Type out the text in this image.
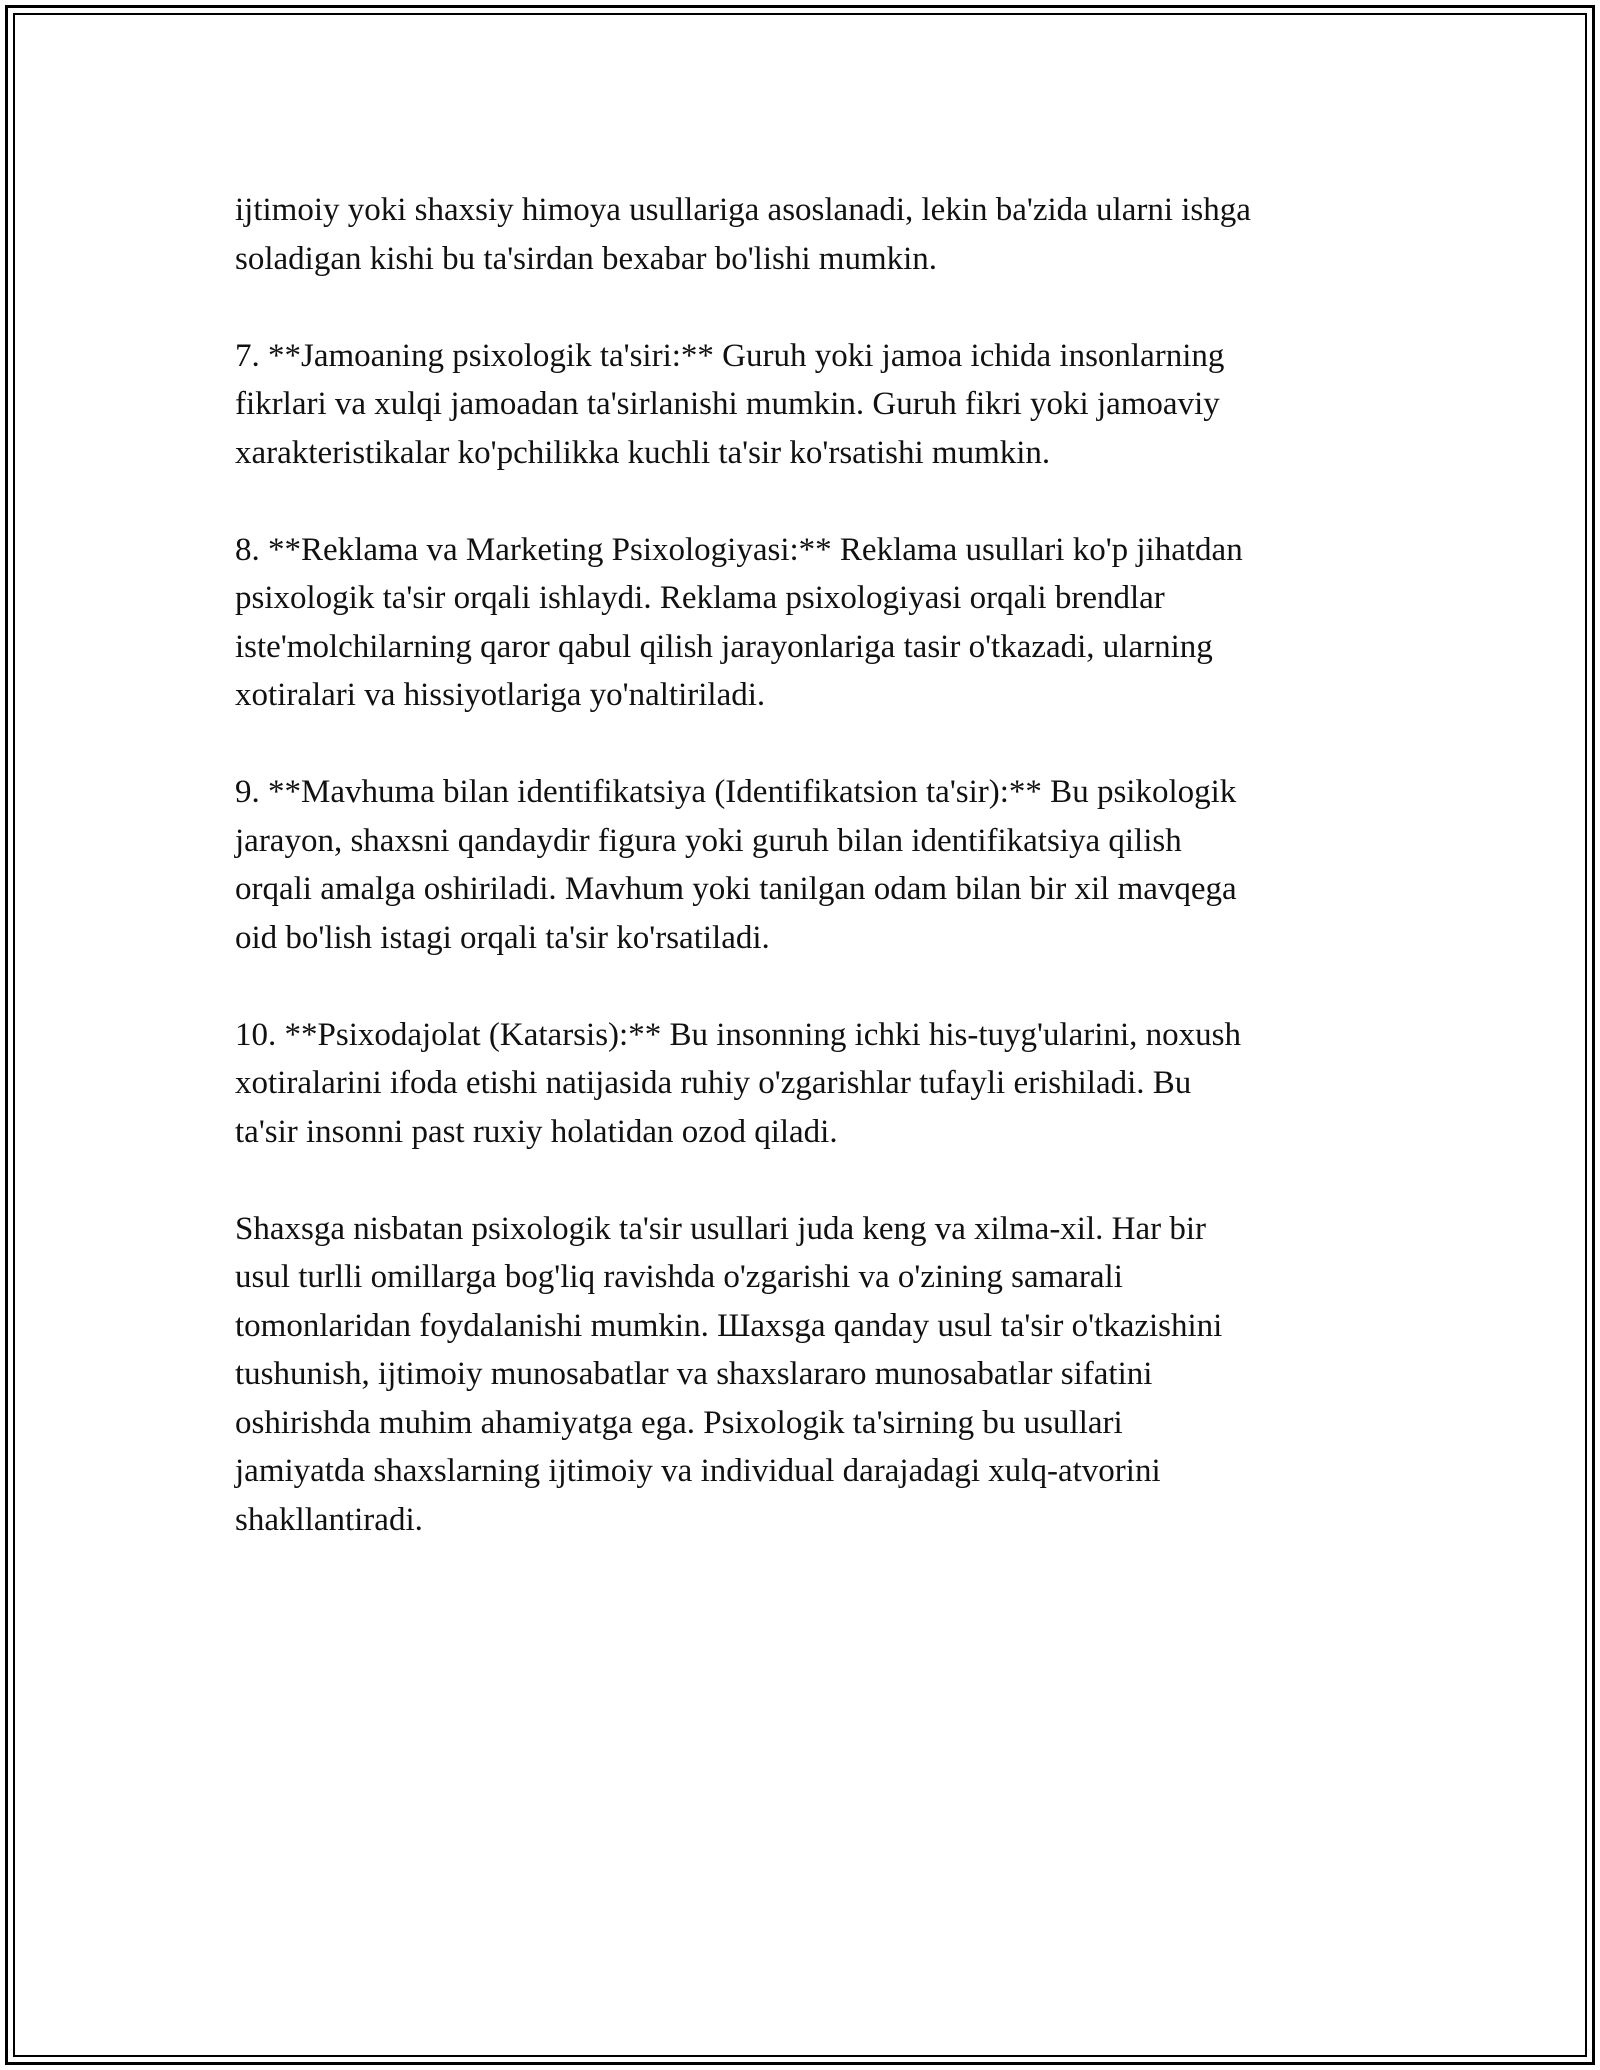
ijtimoiy yoki shaxsiy himoya usullariga asoslanadi, lekin ba'zida ularni ishga
soladigan kishi bu ta'sirdan bexabar bo'lishi mumkin.

7. **Jamoaning psixologik ta'siri:** Guruh yoki jamoa ichida insonlarning
fikrlari va xulqi jamoadan ta'sirlanishi mumkin. Guruh fikri yoki jamoaviy
xarakteristikalar ko'pchilikka kuchli ta'sir ko'rsatishi mumkin.

8. **Reklama va Marketing Psixologiyasi:** Reklama usullari ko'p jihatdan
psixologik ta'sir orqali ishlaydi. Reklama psixologiyasi orqali brendlar
iste'molchilarning qaror qabul qilish jarayonlariga tasir o'tkazadi, ularning
xotiralari va hissiyotlariga yo'naltiriladi.

9. **Mavhuma bilan identifikatsiya (Identifikatsion ta'sir):** Bu psikologik
jarayon, shaxsni qandaydir figura yoki guruh bilan identifikatsiya qilish
orqali amalga oshiriladi. Mavhum yoki tanilgan odam bilan bir xil mavqega
oid bo'lish istagi orqali ta'sir ko'rsatiladi.

10. **Psixodajolat (Katarsis):** Bu insonning ichki his-tuyg'ularini, noxush
xotiralarini ifoda etishi natijasida ruhiy o'zgarishlar tufayli erishiladi. Bu
ta'sir insonni past ruxiy holatidan ozod qiladi.

Shaxsga nisbatan psixologik ta'sir usullari juda keng va xilma-xil. Har bir
usul turlli omillarga bog'liq ravishda o'zgarishi va o'zining samarali
tomonlaridan foydalanishi mumkin. Шахsga qanday usul ta'sir o'tkazishini
tushunish, ijtimoiy munosabatlar va shaxslararo munosabatlar sifatini
oshirishda muhim ahamiyatga ega. Psixologik ta'sirning bu usullari
jamiyatda shaxslarning ijtimoiy va individual darajadagi xulq-atvorini
shakllantiradi.
